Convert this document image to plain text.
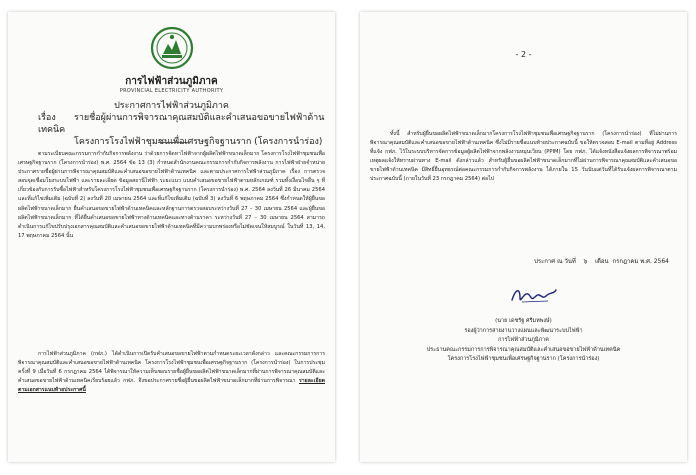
การไฟฟ้าส่วนภูมิภาค
PROVINCIAL ELECTRICITY AUTHORITY
ประกาศการไฟฟ้าส่วนภูมิภาค
เรื่อง รายชื่อผู้ผ่านการพิจารณาคุณสมบัติและคำเสนอขอขายไฟฟ้าด้านเทคนิค
โครงการโรงไฟฟ้าชุมชนเพื่อเศรษฐกิจฐานราก (โครงการนำร่อง)
ตามระเบียบคณะกรรมการกำกับกิจการพลังงาน ว่าด้วยการจัดหาไฟฟ้าจากผู้ผลิตไฟฟ้าขนาดเล็กมาก โครงการโรงไฟฟ้าชุมชนเพื่อเศรษฐกิจฐานราก (โครงการนำร่อง) พ.ศ. 2564 ข้อ 13 (3) กำหนดสำนักงานคณะกรรมการกำกับกิจการพลังงาน การไฟฟ้าฝ่ายจำหน่ายประกาศรายชื่อผู้ผ่านการพิจารณาคุณสมบัติและคำเสนอขอขายไฟฟ้าด้านเทคนิค และตามประกาศการไฟฟ้าส่วนภูมิภาค เรื่อง การตรวจสอบจุดเชื่อมโยงระบบไฟฟ้า และรายละเอียด ข้อมูลสถานีไฟฟ้า ระยะแนว แบบคำเสนอขอขายไฟฟ้าตามหลักเกณฑ์ รวมทั้งเงื่อนไขอื่น ๆ ที่เกี่ยวข้องกับการรับซื้อไฟฟ้าสำหรับโครงการโรงไฟฟ้าชุมชนเพื่อเศรษฐกิจฐานราก (โครงการนำร่อง) พ.ศ. 2564 ลงวันที่ 26 มีนาคม 2564 และที่แก้ไขเพิ่มเติม (ฉบับที่ 2) ลงวันที่ 20 เมษายน 2564 และที่แก้ไขเพิ่มเติม (ฉบับที่ 3) ลงวันที่ 6 พฤษภาคม 2564 ซึ่งกำหนดให้ผู้ยื่นขอผลิตไฟฟ้าขนาดเล็กมาก ยื่นคำเสนอขอขายไฟฟ้าด้านเทคนิคและหลักฐานการตรวจสอบระหว่างวันที่ 27 – 30 เมษายน 2564 และผู้ยื่นขอผลิตไฟฟ้าขนาดเล็กมาก ที่ได้ยื่นคำเสนอขอขายไฟฟ้าทางด้านเทคนิคและทางด้านราคา ระหว่างวันที่ 27 – 30 เมษายน 2564 สามารถดำเนินการแก้ไขปรับปรุงเอกสารคุณสมบัติและคำเสนอขอขายไฟฟ้าด้านเทคนิคที่มีความบกพร่องหรือไม่ชัดเจนให้สมบูรณ์ ในวันที่ 13, 14, 17 พฤษภาคม 2564 นั้น
การไฟฟ้าส่วนภูมิภาค (กฟภ.) ได้ดำเนินการเปิดรับคำเสนอขอขายไฟฟ้าตามกำหนดระยะเวลาดังกล่าว และคณะกรรมการการพิจารณาคุณสมบัติและคำเสนอขอขายไฟฟ้าด้านเทคนิค โครงการโรงไฟฟ้าชุมชนเพื่อเศรษฐกิจฐานราก (โครงการนำร่อง) ในการประชุมครั้งที่ 9 เมื่อวันที่ 6 กรกฎาคม 2564 ได้พิจารณาให้ความเห็นชอบรายชื่อผู้ยื่นขอผลิตไฟฟ้าขนาดเล็กมากที่ผ่านการพิจารณาคุณสมบัติและคำเสนอขอขายไฟฟ้าด้านเทคนิคเรียบร้อยแล้ว กฟภ. จึงขอประกาศรายชื่อผู้ยื่นขอผลิตไฟฟ้าขนาดเล็กมากที่ผ่านการพิจารณา รายละเอียดตามเอกสารแนบท้ายประกาศนี้
- 2 -
ทั้งนี้ สำหรับผู้ยื่นขอผลิตไฟฟ้าขนาดเล็กมากโครงการโรงไฟฟ้าชุมชนเพื่อเศรษฐกิจฐานราก (โครงการนำร่อง) ที่ไม่ผ่านการพิจารณาคุณสมบัติและคำเสนอขอขายไฟฟ้าด้านเทคนิค ซึ่งไม่มีรายชื่อแนบท้ายประกาศฉบับนี้ ขอให้ตรวจสอบ E-mail ตามที่อยู่ Address ที่แจ้ง กฟภ. ไว้ในระบบบริหารจัดการข้อมูลผู้ผลิตไฟฟ้าจากพลังงานหมุนเวียน (PPIM) โดย กฟภ. ได้แจ้งหนังสือแจ้งผลการพิจารณาพร้อมเหตุผลแจ้งให้ทราบผ่านทาง E-mail ดังกล่าวแล้ว สำหรับผู้ยื่นขอผลิตไฟฟ้าขนาดเล็กมากที่ไม่ผ่านการพิจารณาคุณสมบัติและคำเสนอขอขายไฟฟ้าด้านเทคนิค มีสิทธิ์ยื่นอุทธรณ์ต่อคณะกรรมการกำกับกิจการพลังงาน ได้ภายใน 15 วันนับแต่วันที่ได้รับแจ้งผลการพิจารณาตามประกาศฉบับนี้ (ภายในวันที่ 23 กรกฎาคม 2564) ต่อไป
ประกาศ ณ วันที่ ๖ เดือน กรกฎาคม พ.ศ. 2564
(นาย เดชรัฐ ศรีมหพงษ์)
รองผู้ว่าการสายงานวางแผนและพัฒนาระบบไฟฟ้า
การไฟฟ้าส่วนภูมิภาค
ประธานคณะกรรมการการพิจารณาคุณสมบัติและคำเสนอขอขายไฟฟ้าด้านเทคนิค
โครงการโรงไฟฟ้าชุมชนเพื่อเศรษฐกิจฐานราก (โครงการนำร่อง)
